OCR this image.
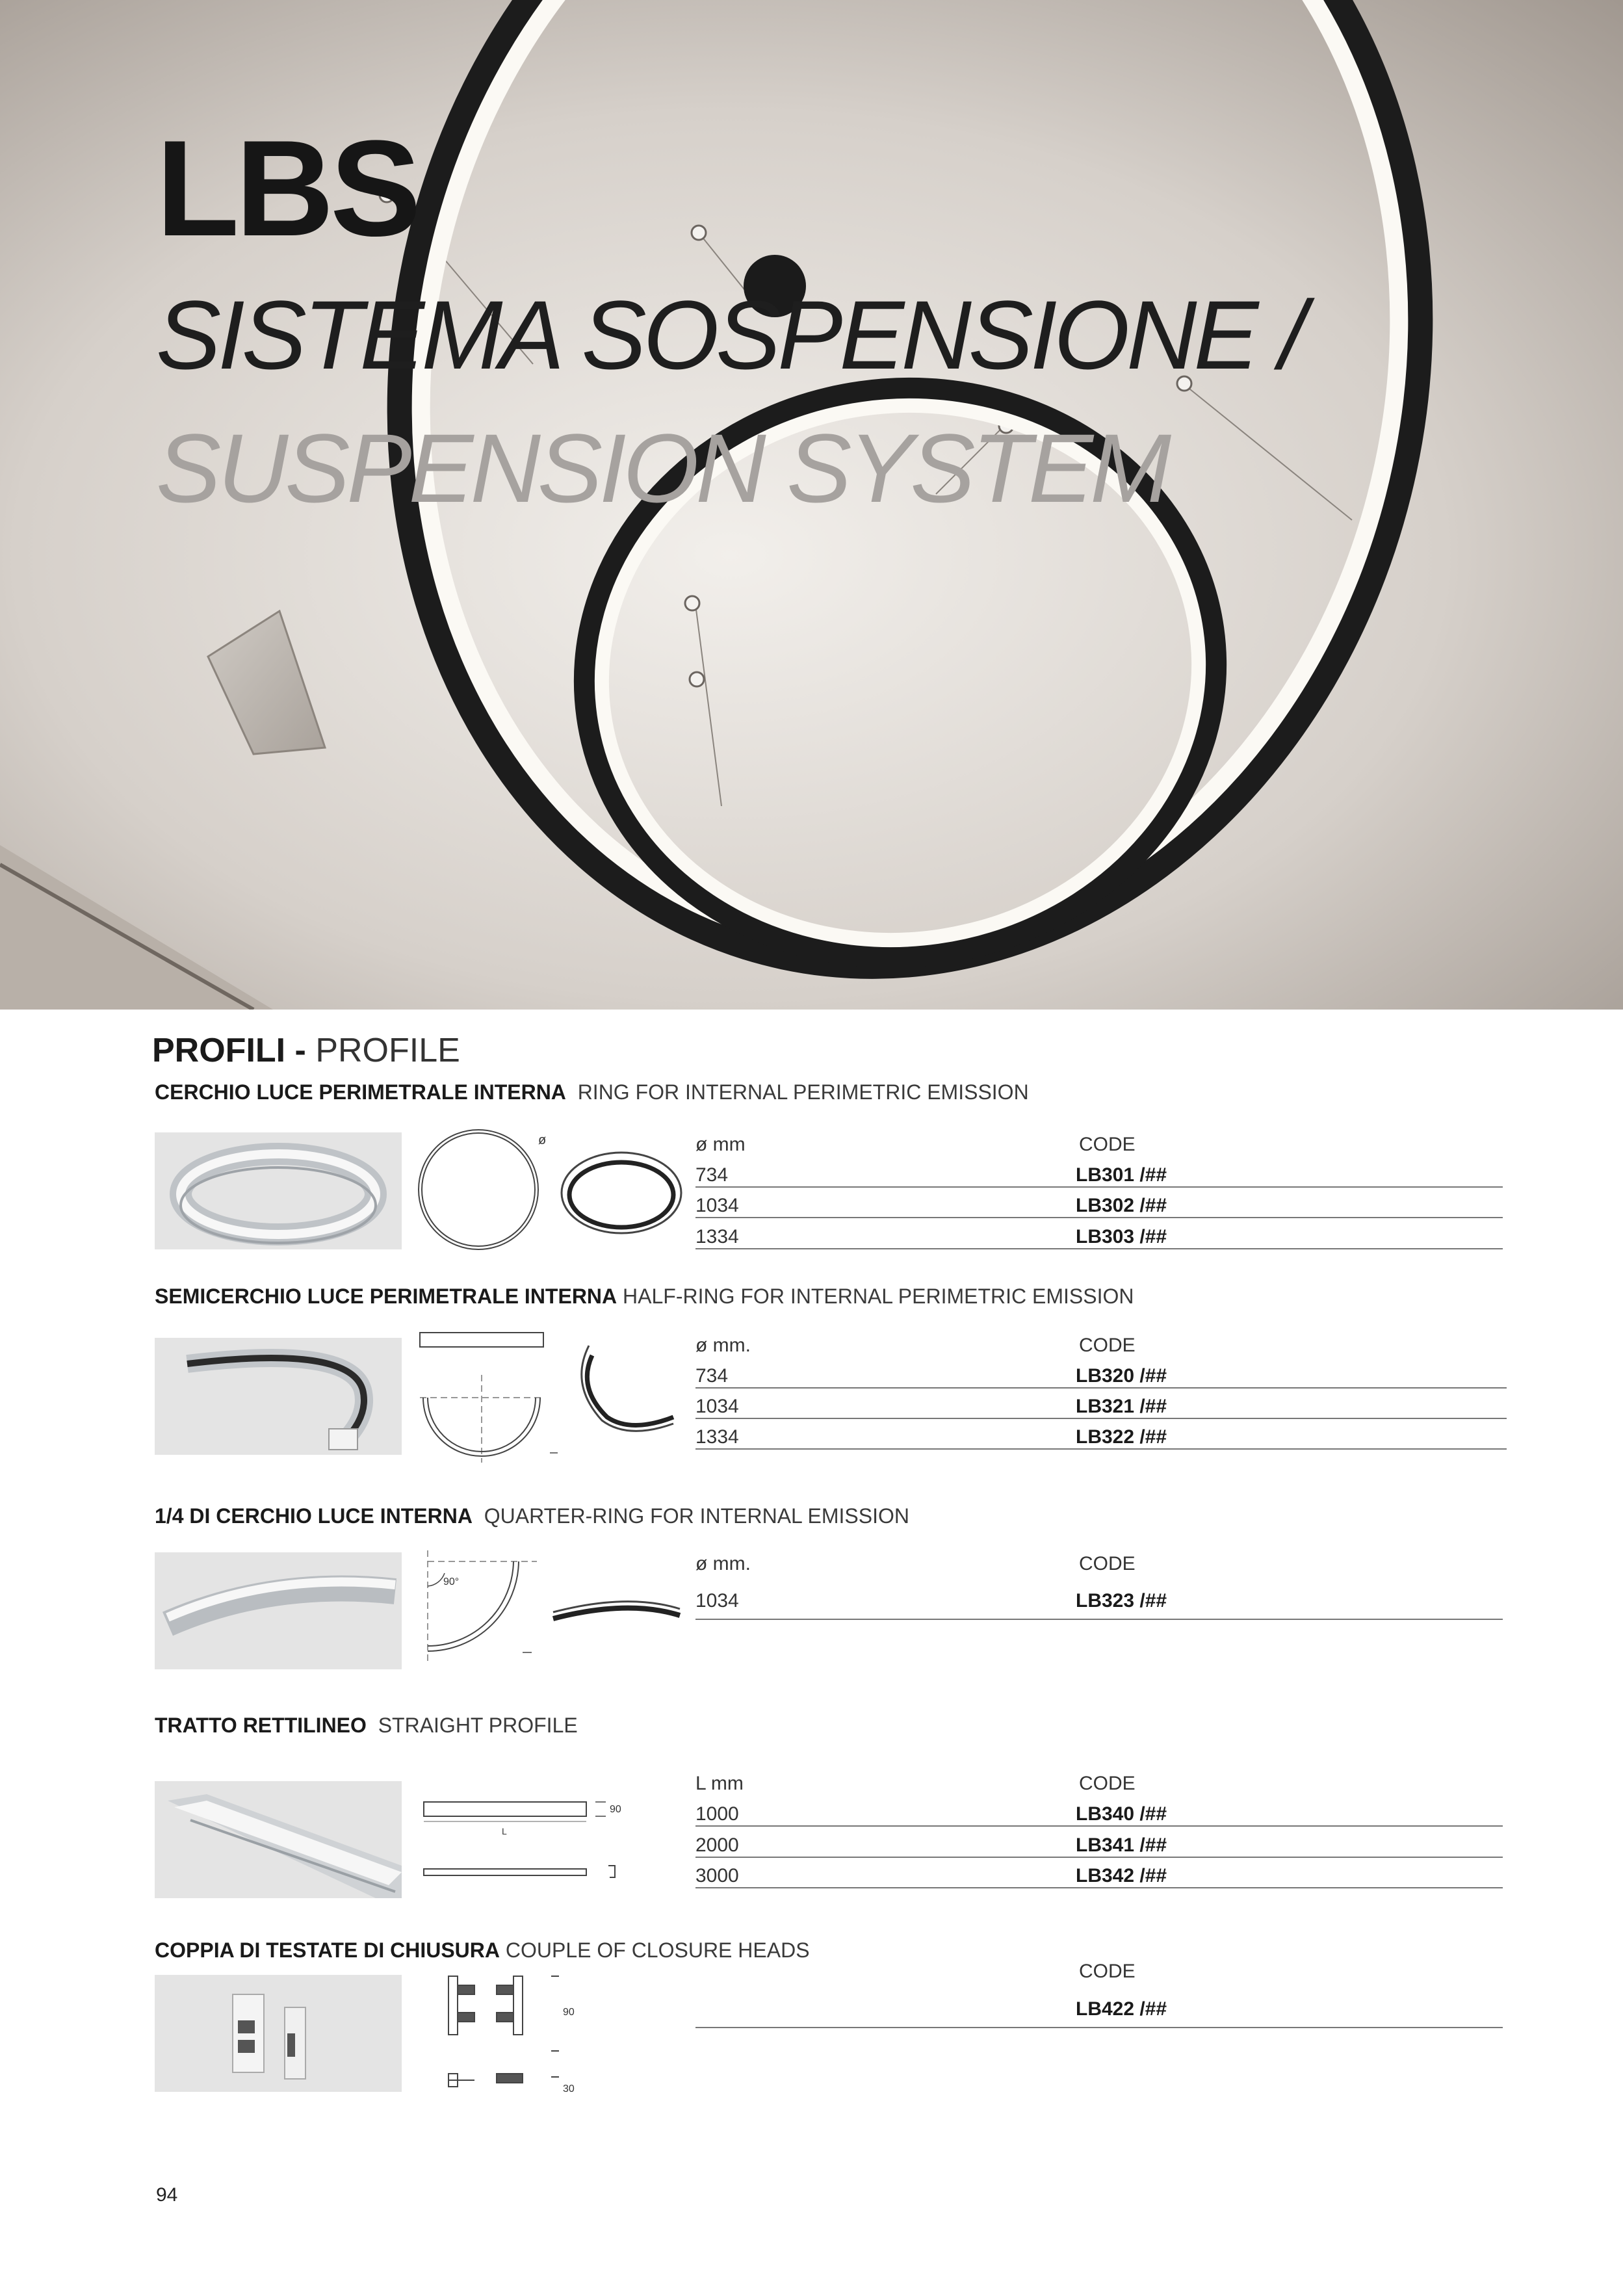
LBS
SISTEMA SOSPENSIONE /
SUSPENSION SYSTEM
PROFILI - PROFILE
CERCHIO LUCE PERIMETRALE INTERNA RING FOR INTERNAL PERIMETRIC EMISSION
ø	ø mm	CODE
734	LB301 /##
1034	LB302 /##
1334	LB303 /##
SEMICERCHIO LUCE PERIMETRALE INTERNA HALF-RING FOR INTERNAL PERIMETRIC EMISSION
ø mm.	CODE
734	LB320 /##
1034	LB321 /##
1334	LB322 /##
1/4 DI CERCHIO LUCE INTERNA QUARTER-RING FOR INTERNAL EMISSION
90°
ø mm.	CODE
1034	LB323 /##
TRATTO RETTILINEO STRAIGHT PROFILE
L
90
L mm	CODE
1000	LB340 /##
2000	LB341 /##
3000	LB342 /##
COPPIA DI TESTATE DI CHIUSURA COUPLE OF CLOSURE HEADS
90
30
CODE
LB422 /##
94
